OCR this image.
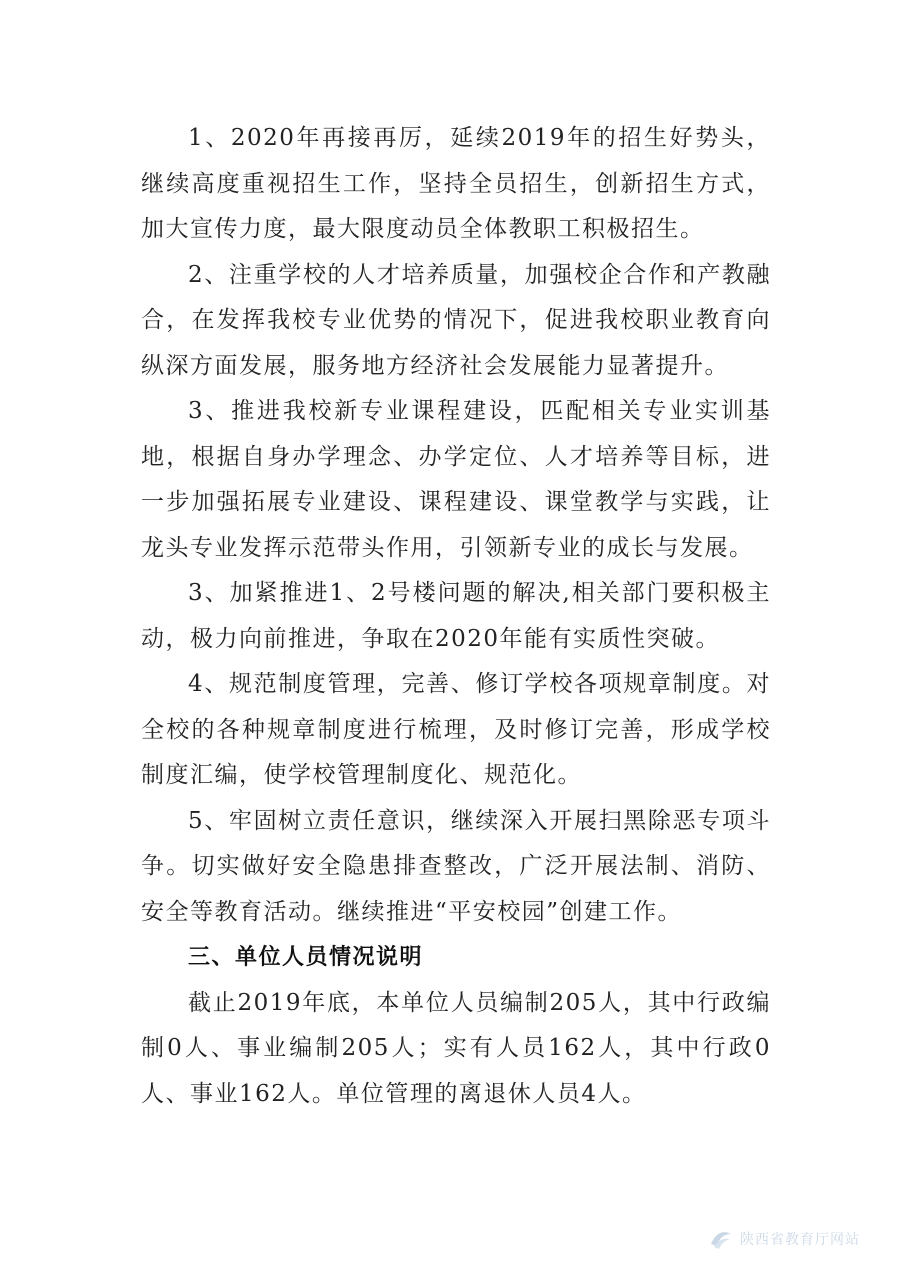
1、2020年再接再厉，延续2019年的招生好势头，继续高度重视招生工作，坚持全员招生，创新招生方式，加大宣传力度，最大限度动员全体教职工积极招生。

2、注重学校的人才培养质量，加强校企合作和产教融合，在发挥我校专业优势的情况下，促进我校职业教育向纵深方面发展，服务地方经济社会发展能力显著提升。

3、推进我校新专业课程建设，匹配相关专业实训基地，根据自身办学理念、办学定位、人才培养等目标，进一步加强拓展专业建设、课程建设、课堂教学与实践，让龙头专业发挥示范带头作用，引领新专业的成长与发展。

3、加紧推进1、2号楼问题的解决,相关部门要积极主动，极力向前推进，争取在2020年能有实质性突破。

4、规范制度管理，完善、修订学校各项规章制度。对全校的各种规章制度进行梳理，及时修订完善，形成学校制度汇编，使学校管理制度化、规范化。

5、牢固树立责任意识，继续深入开展扫黑除恶专项斗争。切实做好安全隐患排查整改，广泛开展法制、消防、安全等教育活动。继续推进“平安校园”创建工作。

三、单位人员情况说明

截止2019年底，本单位人员编制205人，其中行政编制0人、事业编制205人；实有人员162人，其中行政0人、事业162人。单位管理的离退休人员4人。

陕西省教育厅网站
